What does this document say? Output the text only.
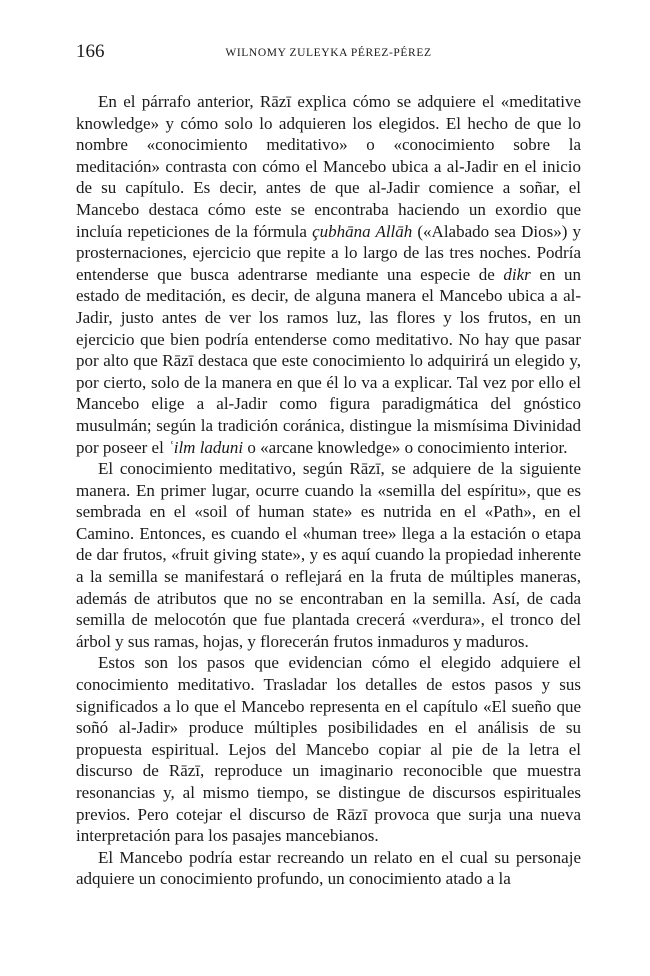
166	WILNOMY ZULEYKA PÉREZ-PÉREZ

En el párrafo anterior, Rāzī explica cómo se adquiere el «meditative knowledge» y cómo solo lo adquieren los elegidos. El hecho de que lo nombre «conocimiento meditativo» o «conocimiento sobre la meditación» contrasta con cómo el Mancebo ubica a al-Jadir en el inicio de su capítulo. Es decir, antes de que al-Jadir comience a soñar, el Mancebo destaca cómo este se encontraba haciendo un exordio que incluía repeticiones de la fórmula çubhāna Allāh («Alabado sea Dios») y prosternaciones, ejercicio que repite a lo largo de las tres noches. Podría entenderse que busca adentrarse mediante una especie de dikr en un estado de meditación, es decir, de alguna manera el Mancebo ubica a al-Jadir, justo antes de ver los ramos luz, las flores y los frutos, en un ejercicio que bien podría entenderse como meditativo. No hay que pasar por alto que Rāzī destaca que este conocimiento lo adquirirá un elegido y, por cierto, solo de la manera en que él lo va a explicar. Tal vez por ello el Mancebo elige a al-Jadir como figura paradigmática del gnóstico musulmán; según la tradición coránica, distingue la mismísima Divinidad por poseer el ʿilm laduni o «arcane knowledge» o conocimiento interior.

El conocimiento meditativo, según Rāzī, se adquiere de la siguiente manera. En primer lugar, ocurre cuando la «semilla del espíritu», que es sembrada en el «soil of human state» es nutrida en el «Path», en el Camino. Entonces, es cuando el «human tree» llega a la estación o etapa de dar frutos, «fruit giving state», y es aquí cuando la propiedad inherente a la semilla se manifestará o reflejará en la fruta de múltiples maneras, además de atributos que no se encontraban en la semilla. Así, de cada semilla de melocotón que fue plantada crecerá «verdura», el tronco del árbol y sus ramas, hojas, y florecerán frutos inmaduros y maduros.

Estos son los pasos que evidencian cómo el elegido adquiere el conocimiento meditativo. Trasladar los detalles de estos pasos y sus significados a lo que el Mancebo representa en el capítulo «El sueño que soñó al-Jadir» produce múltiples posibilidades en el análisis de su propuesta espiritual. Lejos del Mancebo copiar al pie de la letra el discurso de Rāzī, reproduce un imaginario reconocible que muestra resonancias y, al mismo tiempo, se distingue de discursos espirituales previos. Pero cotejar el discurso de Rāzī provoca que surja una nueva interpretación para los pasajes mancebianos.

El Mancebo podría estar recreando un relato en el cual su personaje adquiere un conocimiento profundo, un conocimiento atado a la
